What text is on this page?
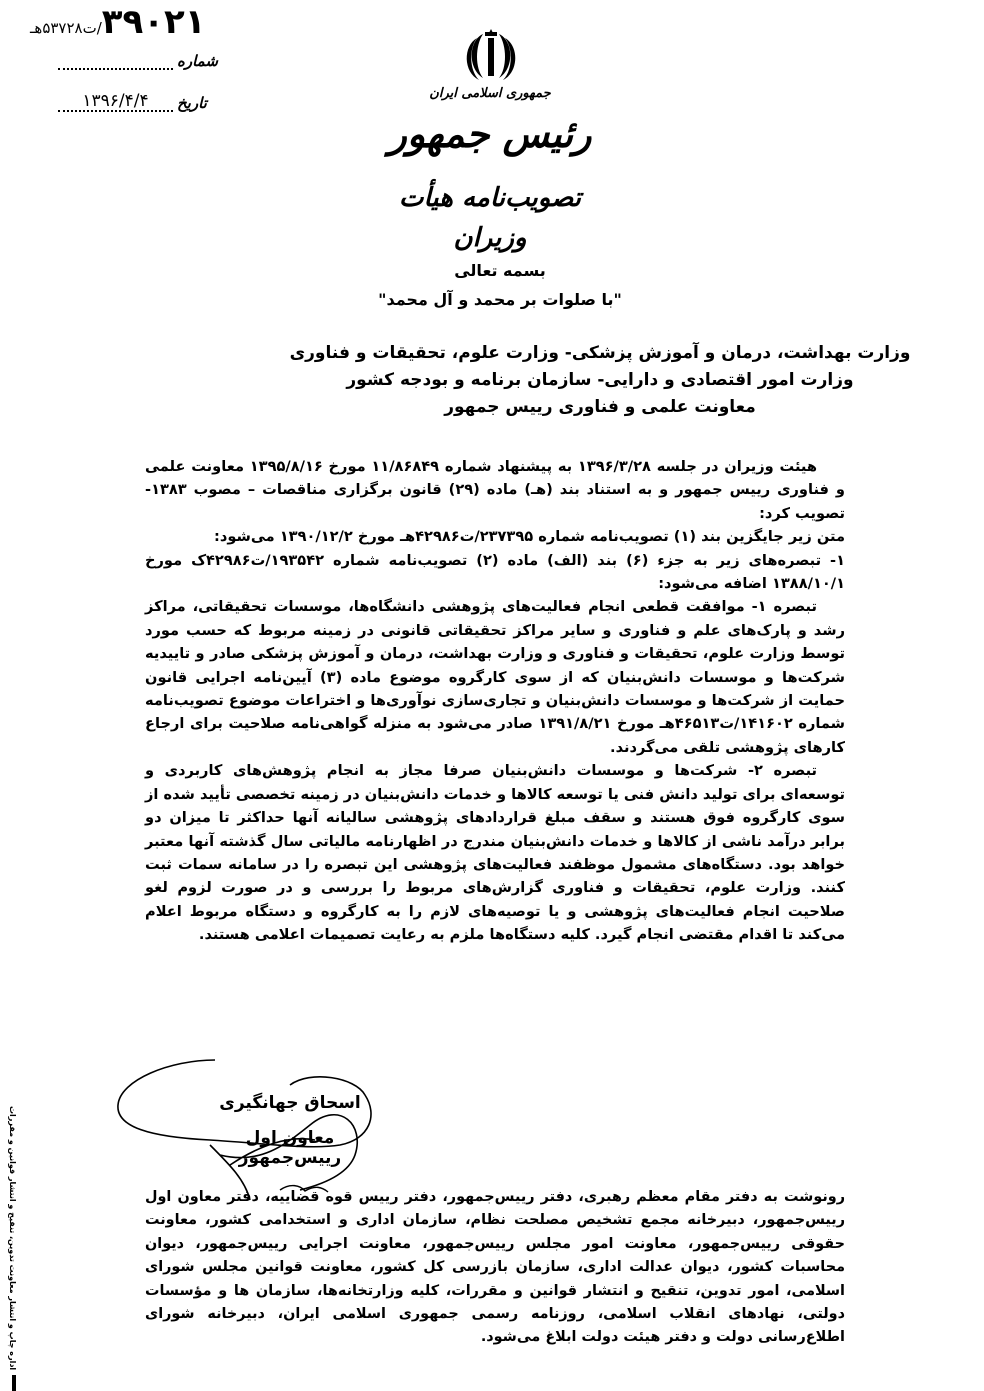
۳۹۰۲۱/ت۵۳۷۲۸هـ
شماره
تاریخ
۱۳۹۶/۴/۴	جمهوری اسلامی ایران
رئیس جمهور
تصویب‌نامه هیأت وزیران
بسمه تعالی
"با صلوات بر محمد و آل محمد"
وزارت بهداشت، درمان و آموزش پزشکی- وزارت علوم، تحقیقات و فناوری
وزارت امور اقتصادی و دارایی- سازمان برنامه و بودجه کشور
معاونت علمی و فناوری رییس جمهور

هیئت وزیران در جلسه ۱۳۹۶/۳/۲۸ به پیشنهاد شماره ۱۱/۸۶۸۴۹ مورخ ۱۳۹۵/۸/۱۶ معاونت علمی و فناوری رییس جمهور و به استناد بند (هـ) ماده (۲۹) قانون برگزاری مناقصات – مصوب ۱۳۸۳- تصویب کرد:

متن زیر جایگزین بند (۱) تصویب‌نامه شماره ۲۳۷۳۹۵/ت۴۲۹۸۶هـ مورخ ۱۳۹۰/۱۲/۲ می‌شود:

۱- تبصره‌های زیر به جزء (۶) بند (الف) ماده (۲) تصویب‌نامه شماره ۱۹۳۵۴۲/ت۴۲۹۸۶ک مورخ ۱۳۸۸/۱۰/۱ اضافه می‌شود:

تبصره ۱- موافقت قطعی انجام فعالیت‌های پژوهشی دانشگاه‌ها، موسسات تحقیقاتی، مراکز رشد و پارک‌های علم و فناوری و سایر مراکز تحقیقاتی قانونی در زمینه مربوط که حسب مورد توسط وزارت علوم، تحقیقات و فناوری و وزارت بهداشت، درمان و آموزش پزشکی صادر و تاییدیه شرکت‌ها و موسسات دانش‌بنیان که از سوی کارگروه موضوع ماده (۳) آیین‌نامه اجرایی قانون حمایت از شرکت‌ها و موسسات دانش‌بنیان و تجاری‌سازی نوآوری‌ها و اختراعات موضوع تصویب‌نامه شماره ۱۴۱۶۰۲/ت۴۶۵۱۳هـ مورخ ۱۳۹۱/۸/۲۱ صادر می‌شود به منزله گواهی‌نامه صلاحیت برای ارجاع کارهای پژوهشی تلقی می‌گردند.

تبصره ۲- شرکت‌ها و موسسات دانش‌بنیان صرفا مجاز به انجام پژوهش‌های کاربردی و توسعه‌ای برای تولید دانش فنی یا توسعه کالاها و خدمات دانش‌بنیان در زمینه تخصصی تأیید شده از سوی کارگروه فوق هستند و سقف مبلغ قراردادهای پژوهشی سالیانه آنها حداکثر تا میزان دو برابر درآمد ناشی از کالاها و خدمات دانش‌بنیان مندرج در اظهارنامه مالیاتی سال گذشته آنها معتبر خواهد بود. دستگاه‌های مشمول موظفند فعالیت‌های پژوهشی این تبصره را در سامانه سمات ثبت کنند. وزارت علوم، تحقیقات و فناوری گزارش‌های مربوط را بررسی و در صورت لزوم لغو صلاحیت انجام فعالیت‌های پژوهشی و یا توصیه‌های لازم را به کارگروه و دستگاه مربوط اعلام می‌کند تا اقدام مقتضی انجام گیرد. کلیه دستگاه‌ها ملزم به رعایت تصمیمات اعلامی هستند.

اسحاق جهانگیری
معاون اول رییس‌جمهور
رونوشت به دفتر مقام معظم رهبری، دفتر رییس‌جمهور، دفتر رییس قوه قضاییه، دفتر معاون اول رییس‌جمهور، دبیرخانه مجمع تشخیص مصلحت نظام، سازمان اداری و استخدامی کشور، معاونت حقوقی رییس‌جمهور، معاونت امور مجلس رییس‌جمهور، معاونت اجرایی رییس‌جمهور، دیوان محاسبات کشور، دیوان عدالت اداری، سازمان بازرسی کل کشور، معاونت قوانین مجلس شورای اسلامی، امور تدوین، تنقیح و انتشار قوانین و مقررات، کلیه وزارتخانه‌ها، سازمان ها و مؤسسات دولتی، نهادهای انقلاب اسلامی، روزنامه رسمی جمهوری اسلامی ایران، دبیرخانه شورای اطلاع‌رسانی دولت و دفتر هیئت دولت ابلاغ می‌شود.
اداره چاپ و انتشار معاونت تدوین، تنقیح و انتشار قوانین و مقررات
